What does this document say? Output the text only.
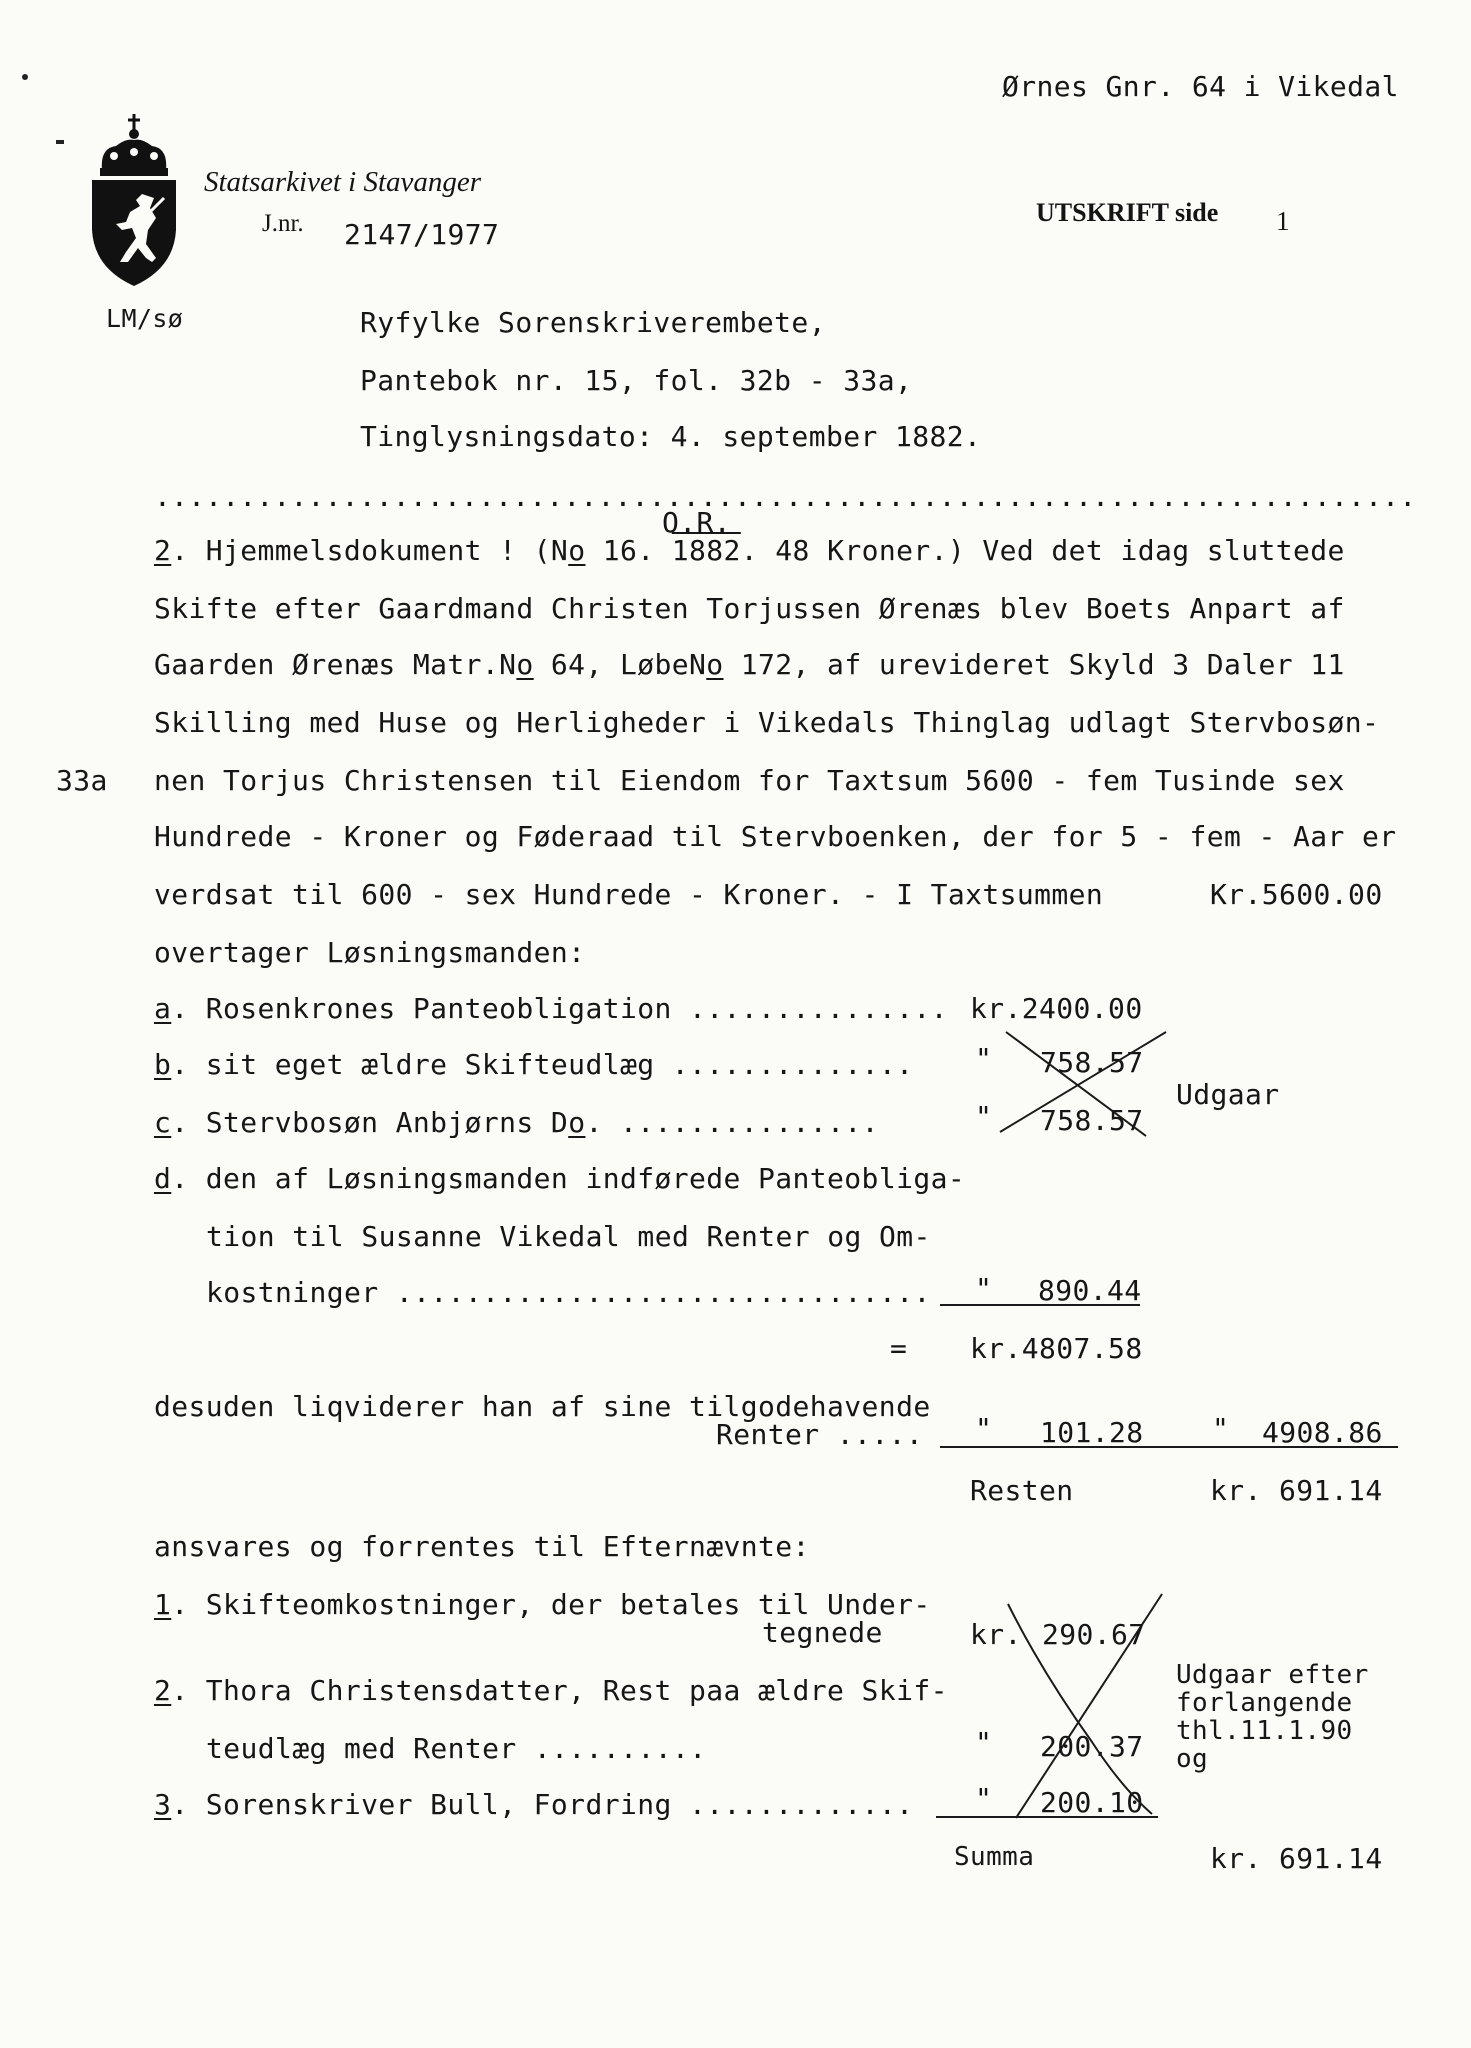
Ørnes Gnr. 64 i Vikedal
Statsarkivet i Stavanger
J.nr. 2147/1977
UTSKRIFT side 1
LM/sø	Ryfylke Sorenskriverembete,
Pantebok nr. 15, fol. 32b - 33a,
Tinglysningsdato: 4. september 1882.
..........................................................................
O.R.
2. Hjemmelsdokument ! (No 16. 1882. 48 Kroner.) Ved det idag sluttede
Skifte efter Gaardmand Christen Torjussen Ørenæs blev Boets Anpart af
Gaarden Ørenæs Matr.No 64, LøbeNo 172, af urevideret Skyld 3 Daler 11
Skilling med Huse og Herligheder i Vikedals Thinglag udlagt Stervbosøn-
33a nen Torjus Christensen til Eiendom for Taxtsum 5600 - fem Tusinde sex
Hundrede - Kroner og Føderaad til Stervboenken, der for 5 - fem - Aar er
verdsat til 600 - sex Hundrede - Kroner. - I Taxtsummen	Kr.5600.00
overtager Løsningsmanden:
a. Rosenkrones Panteobligation ............... kr.2400.00
b. sit eget ældre Skifteudlæg .............. " 758.57
c. Stervbosøn Anbjørns Do. ...............	" 758.57
Udgaar
d. den af Løsningsmanden indførede Panteobliga-
tion til Susanne Vikedal med Renter og Om-
kostninger ............................... " 890.44
= kr.4807.58
desuden liqviderer han af sine tilgodehavende
Renter ..... " 101.28 " 4908.86
Resten	kr. 691.14
ansvares og forrentes til Efternævnte:
1. Skifteomkostninger, der betales til Under-
tegnede	kr. 290.67
2. Thora Christensdatter, Rest paa ældre Skif-
teudlæg med Renter ..........	" 200.37
3. Sorenskriver Bull, Fordring ............. " 200.10
Udgaar efter
forlangende
thl.11.1.90
og
Summa	kr. 691.14
